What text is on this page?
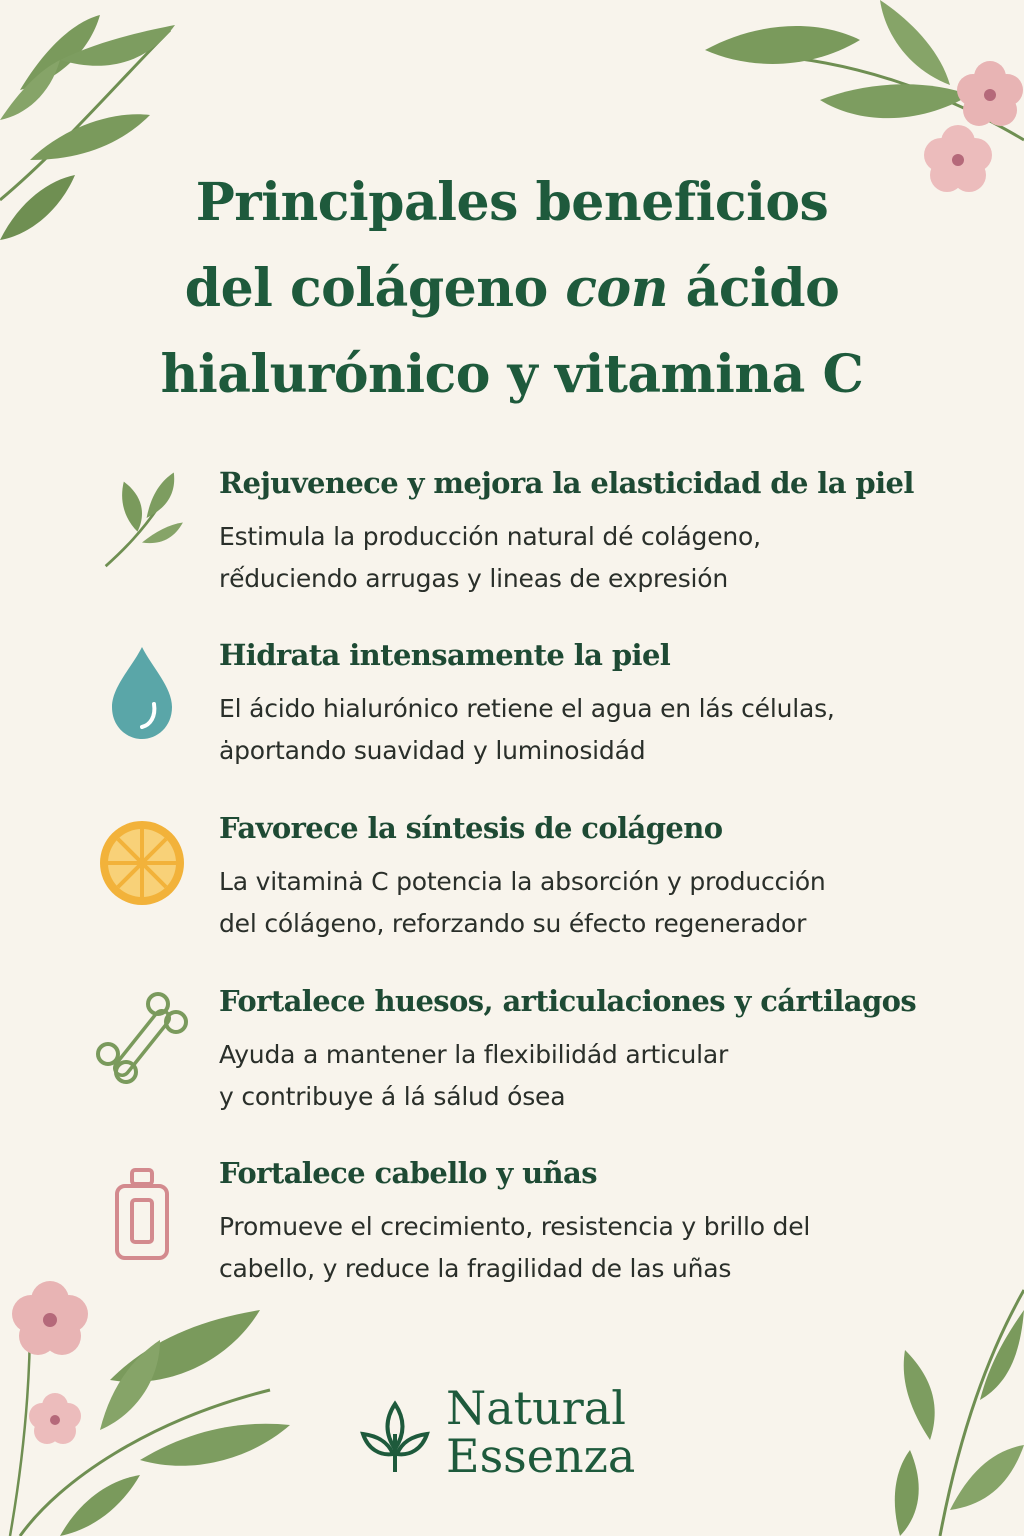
Principales beneficios
del colágeno con ácido
hialurónico y vitamina C
Rejuvenece y mejora la elasticidad de la piel
Estimula la producción natural dé colágeno,
rếduciendo arrugas y lineas de expresión
Hidrata intensamente la piel
El ácido hialurónico retiene el agua en lás células,
ȧportando suavidad y luminosidád
Favorece la síntesis de colágeno
La vitaminȧ C potencia la absorción y producción
del cólágeno, reforzando su éfecto regenerador
Fortalece huesos, articulaciones y cártilagos
Ayuda a mantener la flexibilidád articular
y contribuye á lá sálud ósea
Fortalece cabello y uñas
Promueve el crecimiento, resistencia y brillo del
cabello, y reduce la fragilidad de las uñas
Natural
Essenza
